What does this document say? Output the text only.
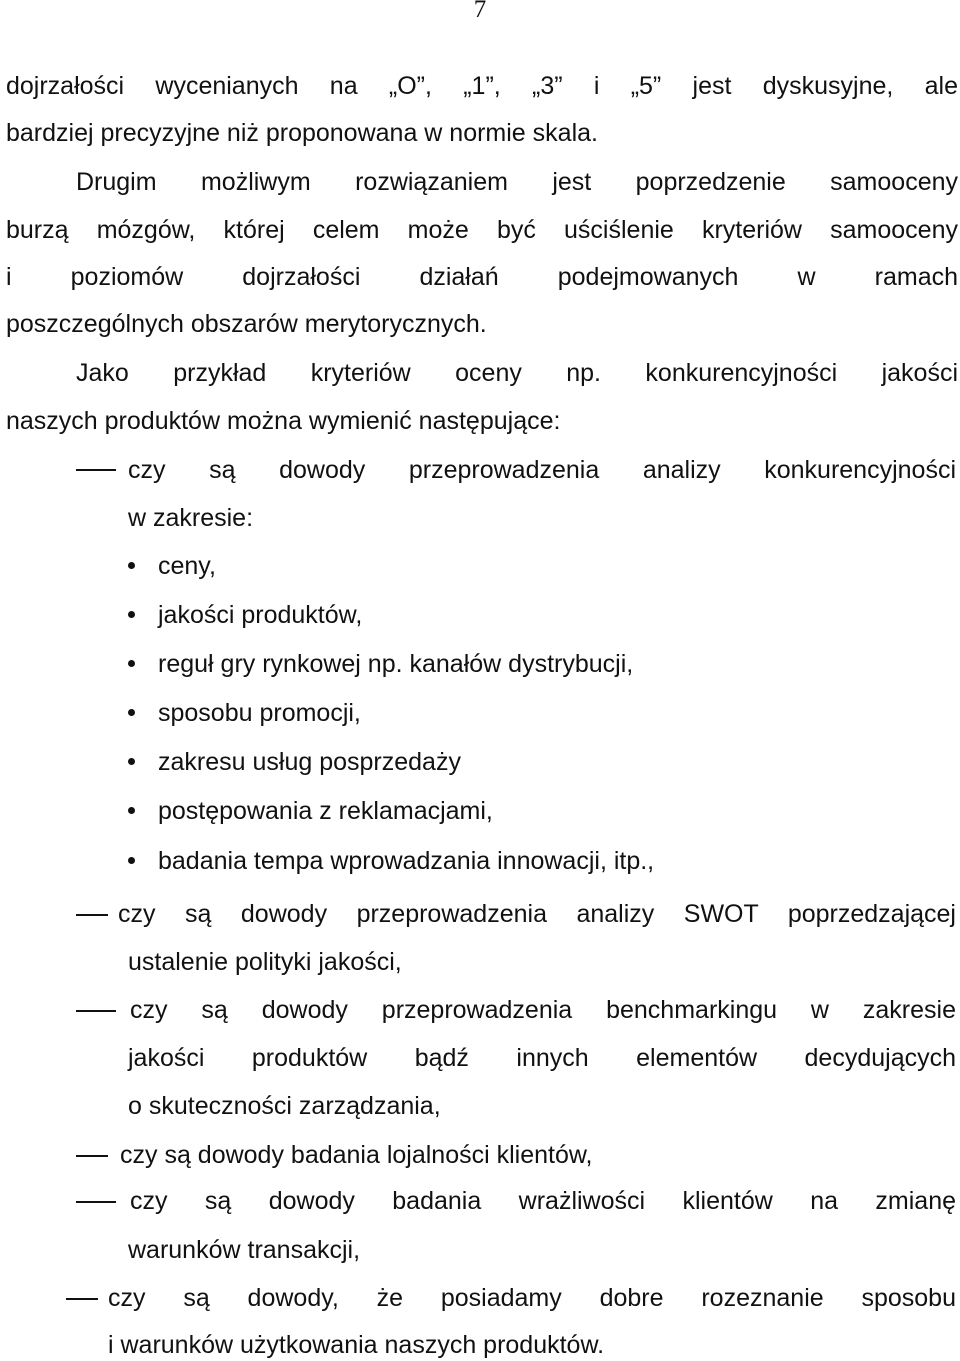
7
dojrzałości wycenianych na „O”, „1”, „3” i „5” jest dyskusyjne, ale
bardziej precyzyjne niż proponowana w normie skala.
Drugim możliwym rozwiązaniem jest poprzedzenie samooceny
burzą mózgów, której celem może być uściślenie kryteriów samooceny
i poziomów dojrzałości działań podejmowanych w ramach
poszczególnych obszarów merytorycznych.
Jako przykład kryteriów oceny np. konkurencyjności jakości
naszych produktów można wymienić następujące:
czy są dowody przeprowadzenia analizy konkurencyjności
w zakresie:
ceny,
jakości produktów,
reguł gry rynkowej np. kanałów dystrybucji,
sposobu promocji,
zakresu usług posprzedaży
postępowania z reklamacjami,
badania tempa wprowadzania innowacji, itp.,
czy są dowody przeprowadzenia analizy SWOT poprzedzającej
ustalenie polityki jakości,
czy są dowody przeprowadzenia benchmarkingu w zakresie
jakości produktów bądź innych elementów decydujących
o skuteczności zarządzania,
czy są dowody badania lojalności klientów,
czy są dowody badania wrażliwości klientów na zmianę
warunków transakcji,
czy są dowody, że posiadamy dobre rozeznanie sposobu
i warunków użytkowania naszych produktów.
